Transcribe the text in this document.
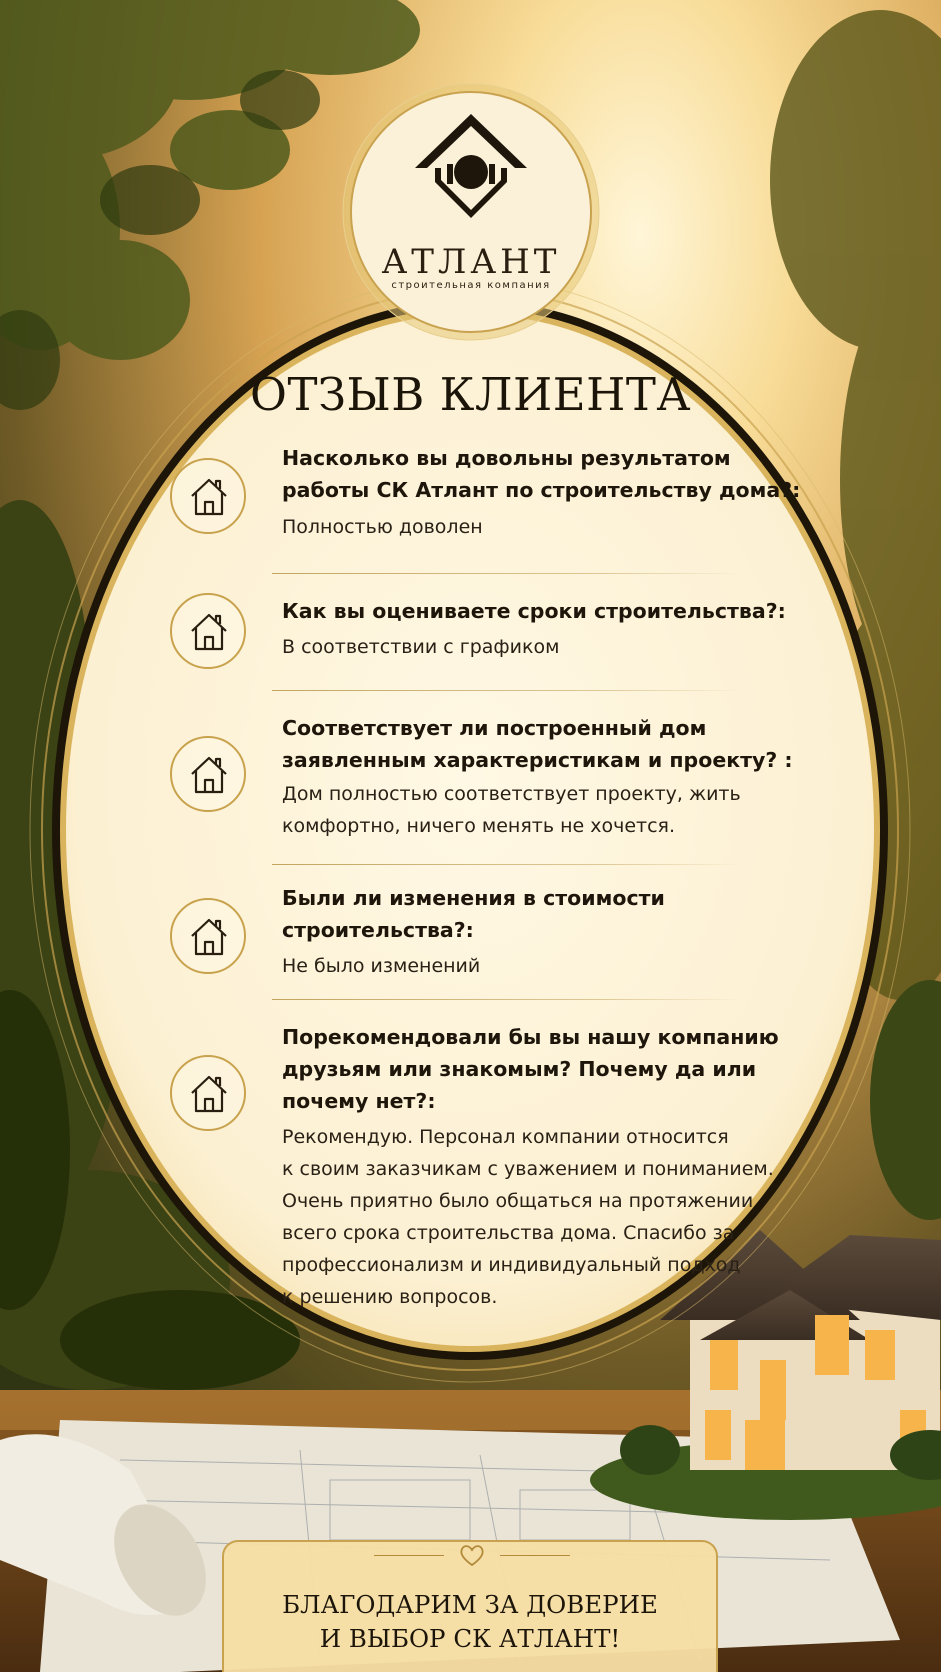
АТЛАНТ
строительная компания
ОТЗЫВ КЛИЕНТА
Насколько вы довольны результатом
работы СК Атлант по строительству дома?:
Полностью доволен
Как вы оцениваете сроки строительства?:
В соответствии с графиком
Соответствует ли построенный дом
заявленным характеристикам и проекту? :
Дом полностью соответствует проекту, жить
комфортно, ничего менять не хочется.
Были ли изменения в стоимости
строительства?:
Не было изменений
Порекомендовали бы вы нашу компанию
друзьям или знакомым? Почему да или
почему нет?:
Рекомендую. Персонал компании относится
к своим заказчикам с уважением и пониманием.
Очень приятно было общаться на протяжении
всего срока строительства дома. Спасибо за
профессионализм и индивидуальный подход
к решению вопросов.
БЛАГОДАРИМ ЗА ДОВЕРИЕ
И ВЫБОР СК АТЛАНТ!
